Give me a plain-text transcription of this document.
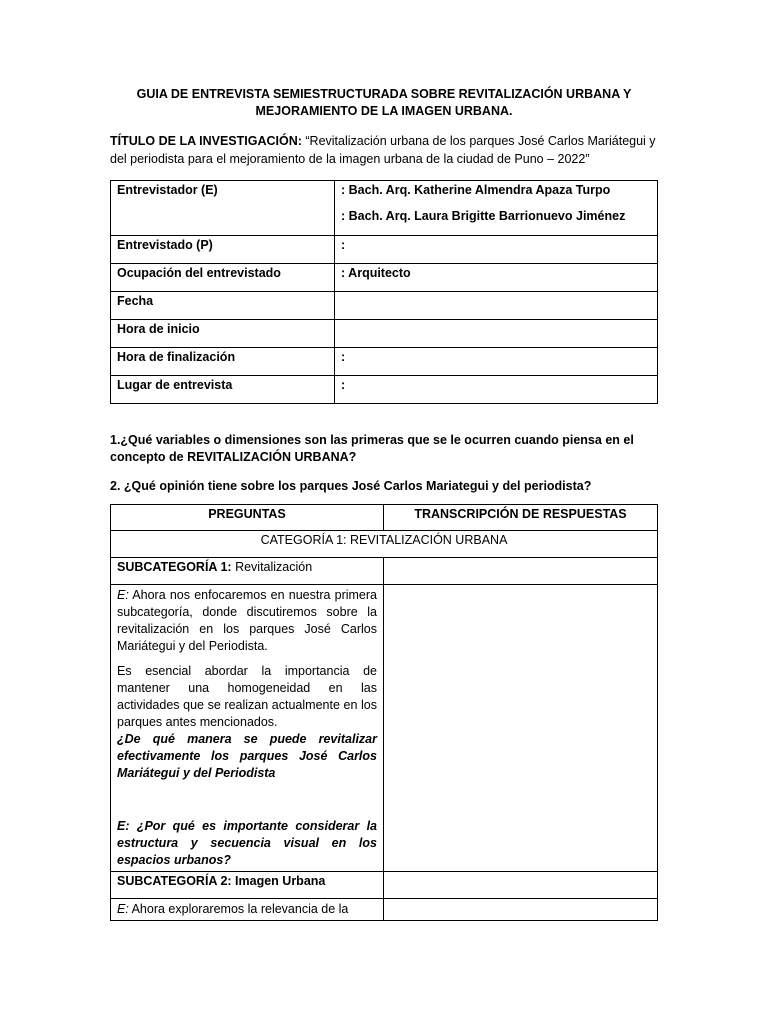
GUIA DE ENTREVISTA SEMIESTRUCTURADA SOBRE REVITALIZACIÓN URBANA Y
MEJORAMIENTO DE LA IMAGEN URBANA.

TÍTULO DE LA INVESTIGACIÓN: “Revitalización urbana de los parques José Carlos Mariátegui y del periodista para el mejoramiento de la imagen urbana de la ciudad de Puno – 2022”

Entrevistador (E)	: Bach. Arq. Katherine Almendra Apaza Turpo
: Bach. Arq. Laura Brigitte Barrionuevo Jiménez

Entrevistado (P)	:
Ocupación del entrevistado	: Arquitecto
Fecha	
Hora de inicio	
Hora de finalización	:
Lugar de entrevista	:

1.¿Qué variables o dimensiones son las primeras que se le ocurren cuando piensa en el concepto de REVITALIZACIÓN URBANA?

2. ¿Qué opinión tiene sobre los parques José Carlos Mariategui y del periodista?

PREGUNTAS	TRANSCRIPCIÓN DE RESPUESTAS
CATEGORÍA 1: REVITALIZACIÓN URBANA	
SUBCATEGORÍA 1: Revitalización	

E: Ahora nos enfocaremos en nuestra primera subcategoría, donde discutiremos sobre la revitalización en los parques José Carlos Mariátegui y del Periodista.

Es esencial abordar la importancia de mantener una homogeneidad en las actividades que se realizan actualmente en los parques antes mencionados.
¿De qué manera se puede revitalizar efectivamente los parques José Carlos Mariátegui y del Periodista

E: ¿Por qué es importante considerar la estructura y secuencia visual en los espacios urbanos?	

SUBCATEGORÍA 2: Imagen Urbana	

E: Ahora exploraremos la relevancia de la	
